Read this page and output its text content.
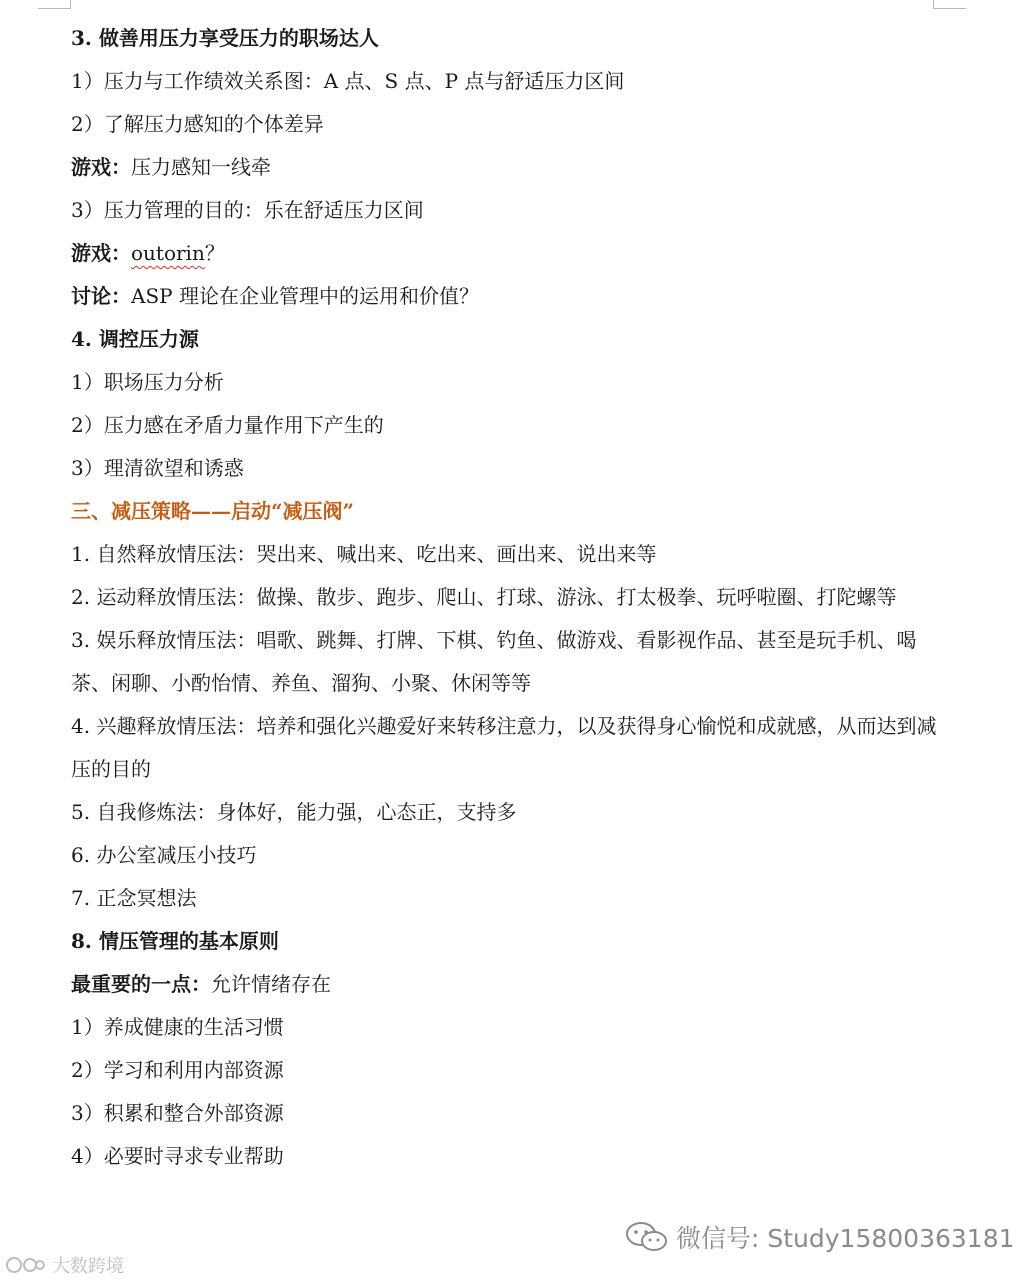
3. 做善用压力享受压力的职场达人
1）压力与工作绩效关系图：A 点、S 点、P 点与舒适压力区间
2）了解压力感知的个体差异
游戏：压力感知一线牵
3）压力管理的目的：乐在舒适压力区间
游戏：outorin？
讨论：ASP 理论在企业管理中的运用和价值？
4. 调控压力源
1）职场压力分析
2）压力感在矛盾力量作用下产生的
3）理清欲望和诱惑
三、减压策略——启动“减压阀”
1. 自然释放情压法：哭出来、喊出来、吃出来、画出来、说出来等
2. 运动释放情压法：做操、散步、跑步、爬山、打球、游泳、打太极拳、玩呼啦圈、打陀螺等
3. 娱乐释放情压法：唱歌、跳舞、打牌、下棋、钓鱼、做游戏、看影视作品、甚至是玩手机、喝茶、闲聊、小酌怡情、养鱼、溜狗、小聚、休闲等等
4. 兴趣释放情压法：培养和强化兴趣爱好来转移注意力，以及获得身心愉悦和成就感，从而达到减压的目的
5. 自我修炼法：身体好，能力强，心态正，支持多
6. 办公室减压小技巧
7. 正念冥想法
8. 情压管理的基本原则
最重要的一点：允许情绪存在
1）养成健康的生活习惯
2）学习和利用内部资源
3）积累和整合外部资源
4）必要时寻求专业帮助
微信号: Study15800363181
大数跨境
